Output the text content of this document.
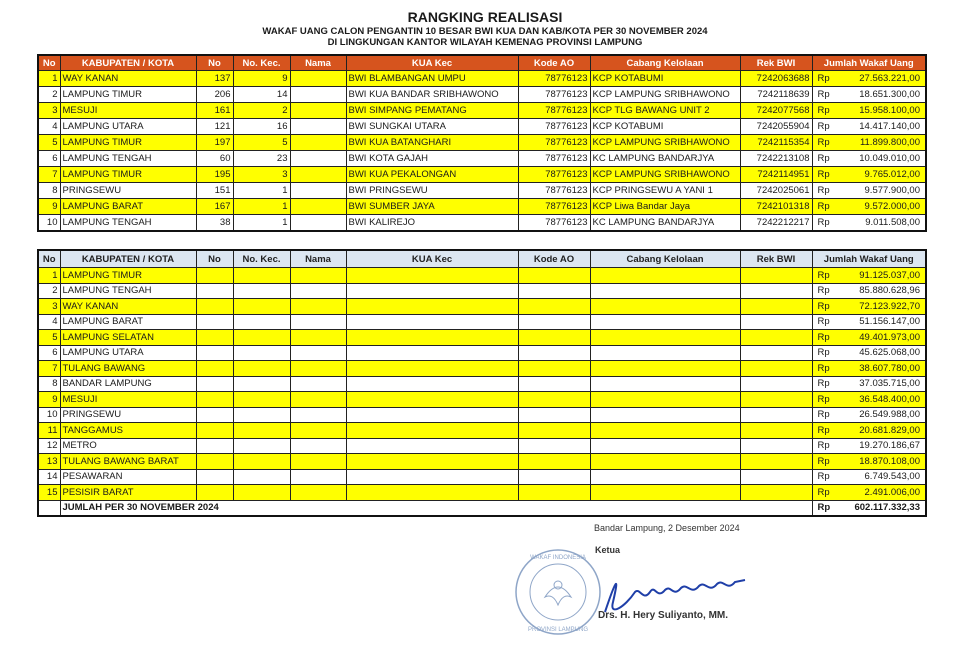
RANGKING REALISASI
WAKAF UANG CALON PENGANTIN 10 BESAR BWI KUA DAN KAB/KOTA PER 30 NOVEMBER 2024
DI LINGKUNGAN KANTOR WILAYAH KEMENAG PROVINSI LAMPUNG
No	KABUPATEN / KOTA	No	No. Kec.	Nama	KUA Kec	Kode AO	Cabang Kelolaan	Rek BWI	Jumlah Wakaf Uang
1	WAY KANAN	137	9		BWI BLAMBANGAN UMPU	78776123	KCP KOTABUMI	7242063688	Rp 27.563.221,00

2	LAMPUNG TIMUR	206	14		BWI KUA BANDAR SRIBHAWONO	78776123	KCP LAMPUNG SRIBHAWONO	7242118639	Rp 18.651.300,00

3	MESUJI	161	2		BWI SIMPANG PEMATANG	78776123	KCP TLG BAWANG UNIT 2	7242077568	Rp 15.958.100,00

4	LAMPUNG UTARA	121	16		BWI SUNGKAI UTARA	78776123	KCP KOTABUMI	7242055904	Rp 14.417.140,00

5	LAMPUNG TIMUR	197	5		BWI KUA BATANGHARI	78776123	KCP LAMPUNG SRIBHAWONO	7242115354	Rp 11.899.800,00

6	LAMPUNG TENGAH	60	23		BWI KOTA GAJAH	78776123	KC LAMPUNG BANDARJYA	7242213108	Rp 10.049.010,00

7	LAMPUNG TIMUR	195	3		BWI KUA PEKALONGAN	78776123	KCP LAMPUNG SRIBHAWONO	7242114951	Rp 9.765.012,00

8	PRINGSEWU	151	1		BWI PRINGSEWU	78776123	KCP PRINGSEWU A YANI 1	7242025061	Rp 9.577.900,00

9	LAMPUNG BARAT	167	1		BWI SUMBER JAYA	78776123	KCP Liwa Bandar Jaya	7242101318	Rp 9.572.000,00

10	LAMPUNG TENGAH	38	1		BWI KALIREJO	78776123	KC LAMPUNG BANDARJYA	7242212217	Rp 9.011.508,00
No	KABUPATEN / KOTA	No	No. Kec.	Nama	KUA Kec	Kode AO	Cabang Kelolaan	Rek BWI	Jumlah Wakaf Uang
1	LAMPUNG TIMUR								Rp 91.125.037,00

2	LAMPUNG TENGAH								Rp 85.880.628,96

3	WAY KANAN								Rp 72.123.922,70

4	LAMPUNG BARAT								Rp 51.156.147,00

5	LAMPUNG SELATAN								Rp 49.401.973,00

6	LAMPUNG UTARA								Rp 45.625.068,00

7	TULANG BAWANG								Rp 38.607.780,00

8	BANDAR LAMPUNG								Rp 37.035.715,00

9	MESUJI								Rp 36.548.400,00

10	PRINGSEWU								Rp 26.549.988,00

11	TANGGAMUS								Rp 20.681.829,00

12	METRO								Rp 19.270.186,67

13	TULANG BAWANG BARAT								Rp 18.870.108,00

14	PESAWARAN								Rp 6.749.543,00

15	PESISIR BARAT								Rp 2.491.006,00

	JUMLAH PER 30 NOVEMBER 2024								Rp 602.117.332,33
Bandar Lampung, 2 Desember 2024
Ketua
WAKAF INDONESIA
PROVINSI LAMPUNG
Drs. H. Hery Suliyanto, MM.
